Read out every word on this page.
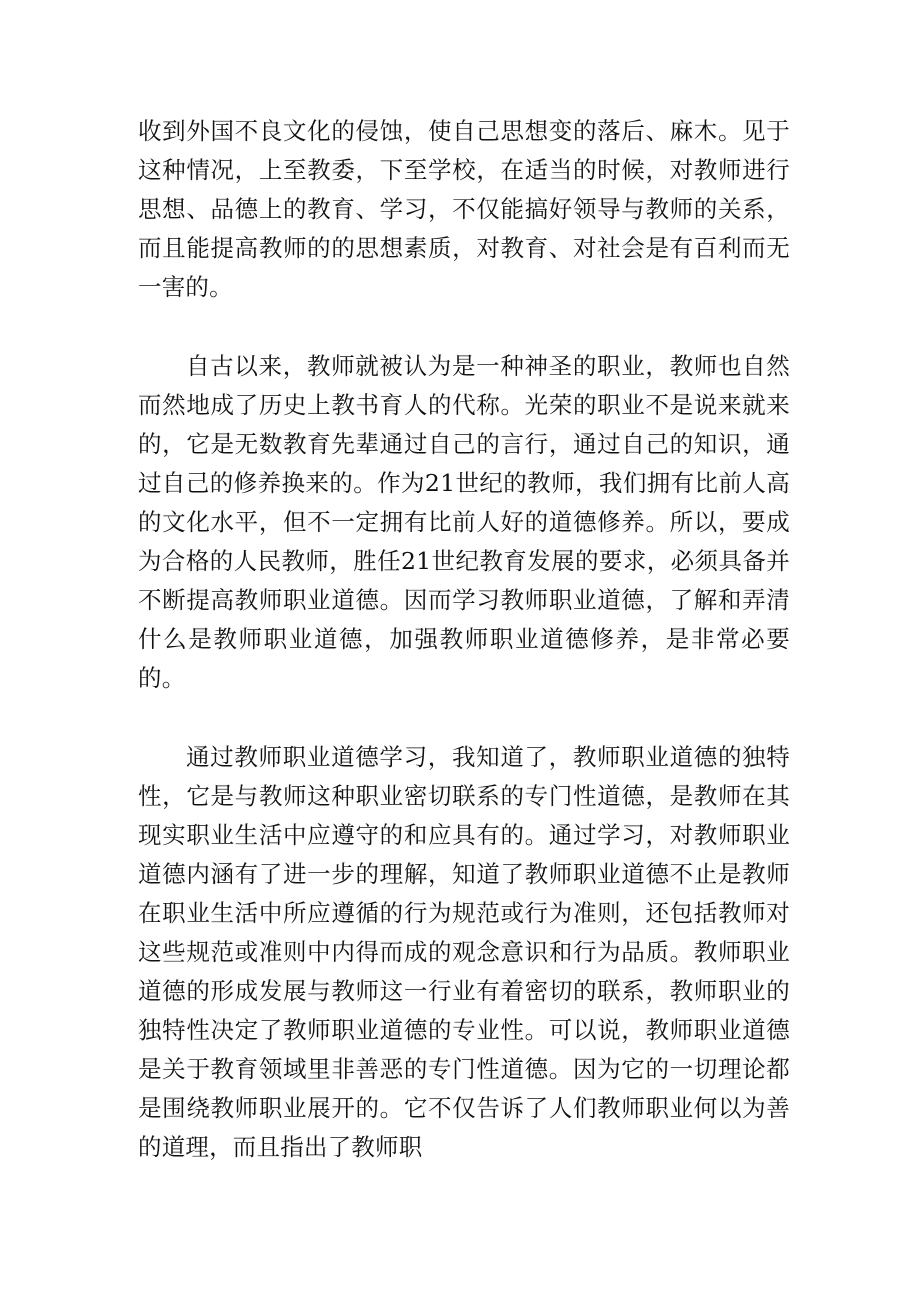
收到外国不良文化的侵蚀，使自己思想变的落后、麻木。见于这种情况，上至教委，下至学校，在适当的时候，对教师进行思想、品德上的教育、学习，不仅能搞好领导与教师的关系，而且能提高教师的的思想素质，对教育、对社会是有百利而无一害的。

自古以来，教师就被认为是一种神圣的职业，教师也自然而然地成了历史上教书育人的代称。光荣的职业不是说来就来的，它是无数教育先辈通过自己的言行，通过自己的知识，通过自己的修养换来的。作为21世纪的教师，我们拥有比前人高的文化水平，但不一定拥有比前人好的道德修养。所以，要成为合格的人民教师，胜任21世纪教育发展的要求，必须具备并不断提高教师职业道德。因而学习教师职业道德，了解和弄清什么是教师职业道德，加强教师职业道德修养，是非常必要的。

通过教师职业道德学习，我知道了，教师职业道德的独特性，它是与教师这种职业密切联系的专门性道德，是教师在其现实职业生活中应遵守的和应具有的。通过学习，对教师职业道德内涵有了进一步的理解，知道了教师职业道德不止是教师在职业生活中所应遵循的行为规范或行为准则，还包括教师对这些规范或准则中内得而成的观念意识和行为品质。教师职业道德的形成发展与教师这一行业有着密切的联系，教师职业的独特性决定了教师职业道德的专业性。可以说，教师职业道德是关于教育领域里非善恶的专门性道德。因为它的一切理论都是围绕教师职业展开的。它不仅告诉了人们教师职业何以为善的道理，而且指出了教师职
